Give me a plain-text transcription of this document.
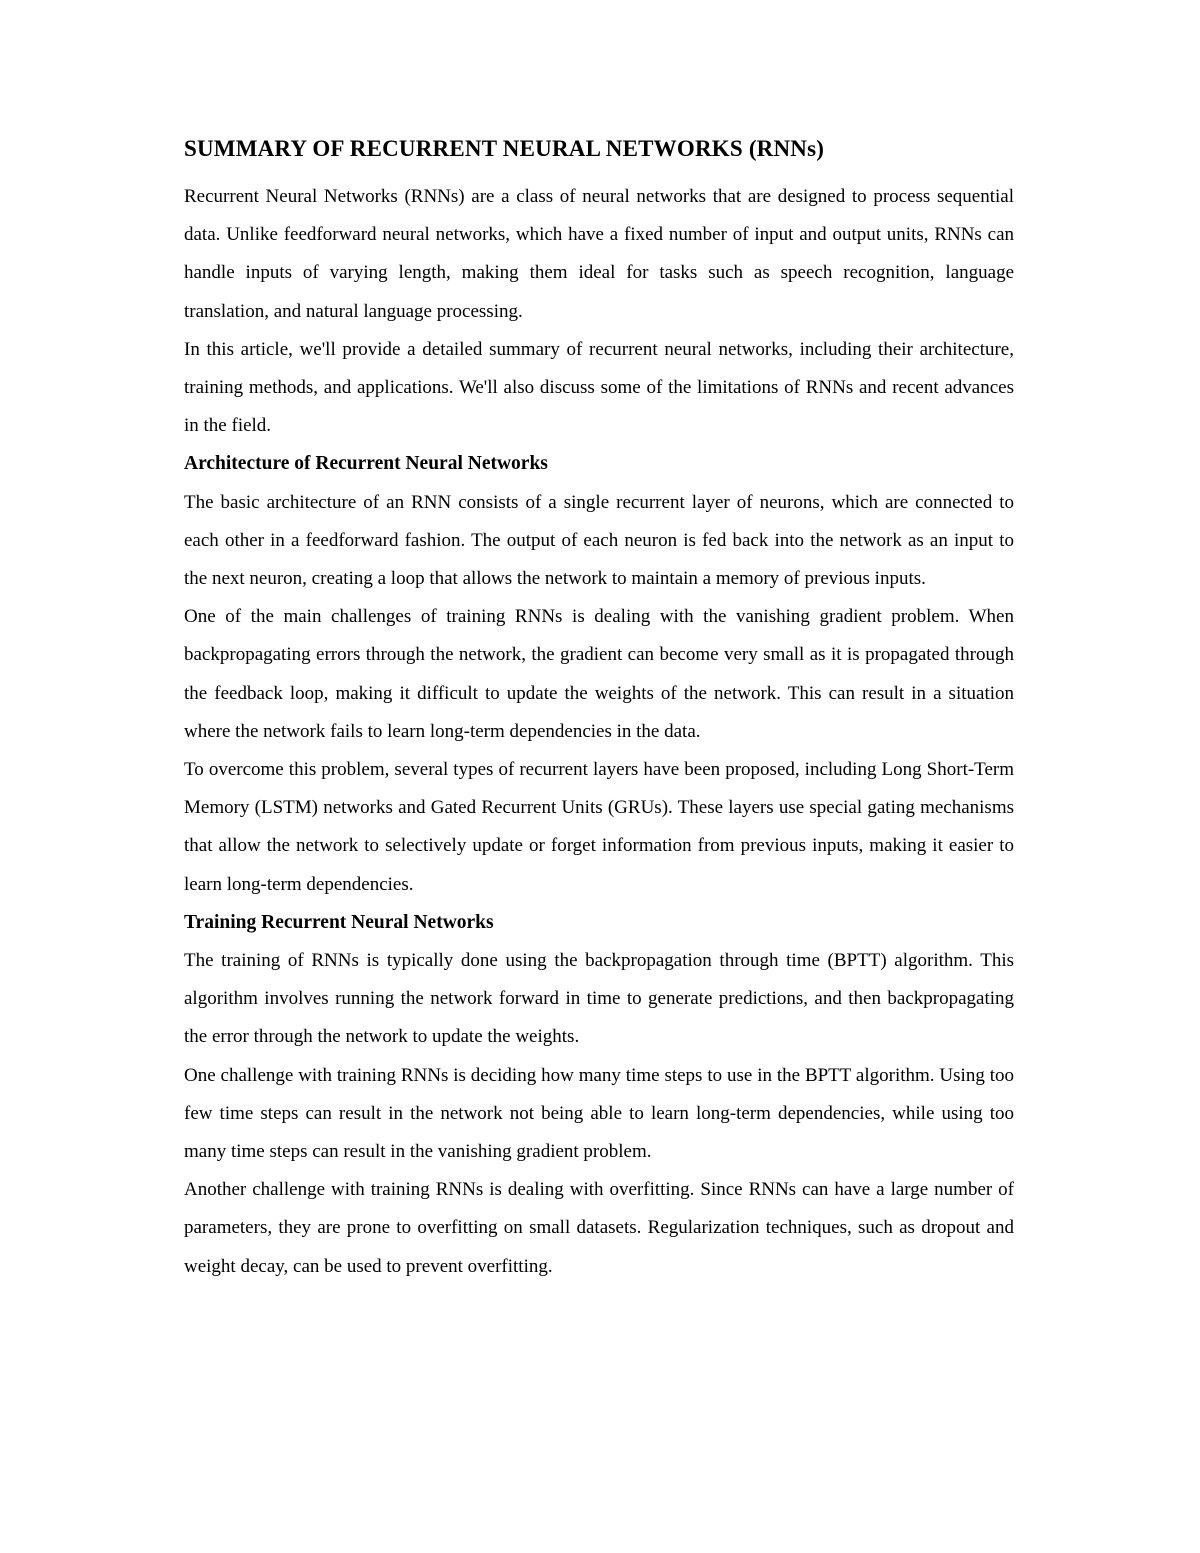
SUMMARY OF RECURRENT NEURAL NETWORKS (RNNs)

Recurrent Neural Networks (RNNs) are a class of neural networks that are designed to process sequential data. Unlike feedforward neural networks, which have a fixed number of input and output units, RNNs can handle inputs of varying length, making them ideal for tasks such as speech recognition, language translation, and natural language processing.

In this article, we'll provide a detailed summary of recurrent neural networks, including their architecture, training methods, and applications. We'll also discuss some of the limitations of RNNs and recent advances in the field.

Architecture of Recurrent Neural Networks

The basic architecture of an RNN consists of a single recurrent layer of neurons, which are connected to each other in a feedforward fashion. The output of each neuron is fed back into the network as an input to the next neuron, creating a loop that allows the network to maintain a memory of previous inputs.

One of the main challenges of training RNNs is dealing with the vanishing gradient problem. When backpropagating errors through the network, the gradient can become very small as it is propagated through the feedback loop, making it difficult to update the weights of the network. This can result in a situation where the network fails to learn long-term dependencies in the data.

To overcome this problem, several types of recurrent layers have been proposed, including Long Short-Term Memory (LSTM) networks and Gated Recurrent Units (GRUs). These layers use special gating mechanisms that allow the network to selectively update or forget information from previous inputs, making it easier to learn long-term dependencies.

Training Recurrent Neural Networks

The training of RNNs is typically done using the backpropagation through time (BPTT) algorithm. This algorithm involves running the network forward in time to generate predictions, and then backpropagating the error through the network to update the weights.

One challenge with training RNNs is deciding how many time steps to use in the BPTT algorithm. Using too few time steps can result in the network not being able to learn long-term dependencies, while using too many time steps can result in the vanishing gradient problem.

Another challenge with training RNNs is dealing with overfitting. Since RNNs can have a large number of parameters, they are prone to overfitting on small datasets. Regularization techniques, such as dropout and weight decay, can be used to prevent overfitting.
